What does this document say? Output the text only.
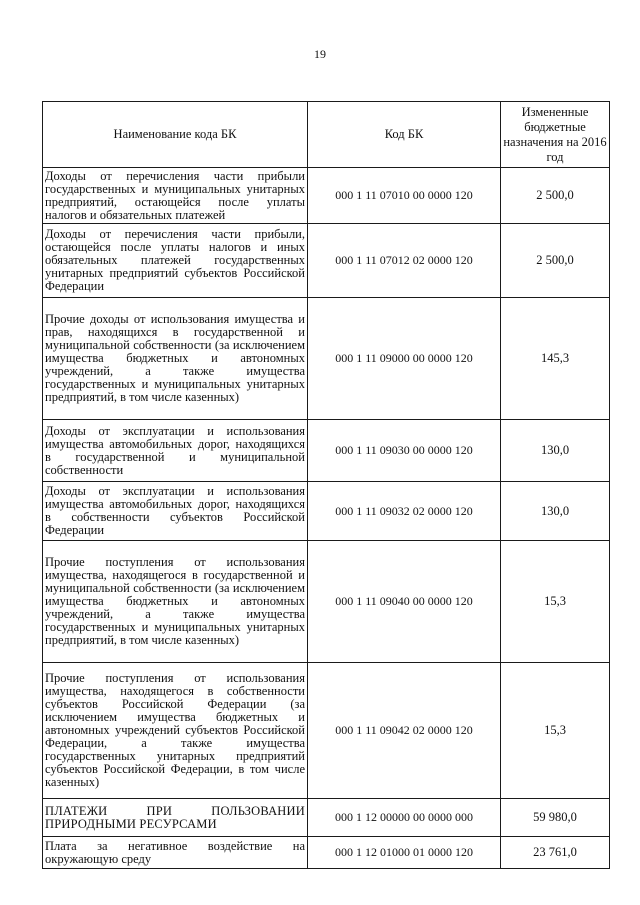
19
Наименование кода БК	Код БК	Измененные бюджетные назначения на 2016 год
Доходы от перечисления части прибыли государственных и муниципальных унитарных предприятий, остающейся после уплаты налогов и обязательных платежей	000 1 11 07010 00 0000 120	2 500,0
Доходы от перечисления части прибыли, остающейся после уплаты налогов и иных обязательных платежей государственных унитарных предприятий субъектов Российской Федерации	000 1 11 07012 02 0000 120	2 500,0
Прочие доходы от использования имущества и прав, находящихся в государственной и муниципальной собственности (за исключением имущества бюджетных и автономных учреждений, а также имущества государственных и муниципальных унитарных предприятий, в том числе казенных)	000 1 11 09000 00 0000 120	145,3
Доходы от эксплуатации и использования имущества автомобильных дорог, находящихся в государственной и муниципальной собственности	000 1 11 09030 00 0000 120	130,0
Доходы от эксплуатации и использования имущества автомобильных дорог, находящихся в собственности субъектов Российской Федерации	000 1 11 09032 02 0000 120	130,0
Прочие поступления от использования имущества, находящегося в государственной и муниципальной собственности (за исключением имущества бюджетных и автономных учреждений, а также имущества государственных и муниципальных унитарных предприятий, в том числе казенных)	000 1 11 09040 00 0000 120	15,3
Прочие поступления от использования имущества, находящегося в собственности субъектов Российской Федерации (за исключением имущества бюджетных и автономных учреждений субъектов Российской Федерации, а также имущества государственных унитарных предприятий субъектов Российской Федерации, в том числе казенных)	000 1 11 09042 02 0000 120	15,3
ПЛАТЕЖИ ПРИ ПОЛЬЗОВАНИИ ПРИРОДНЫМИ РЕСУРСАМИ	000 1 12 00000 00 0000 000	59 980,0
Плата за негативное воздействие на окружающую среду	000 1 12 01000 01 0000 120	23 761,0
